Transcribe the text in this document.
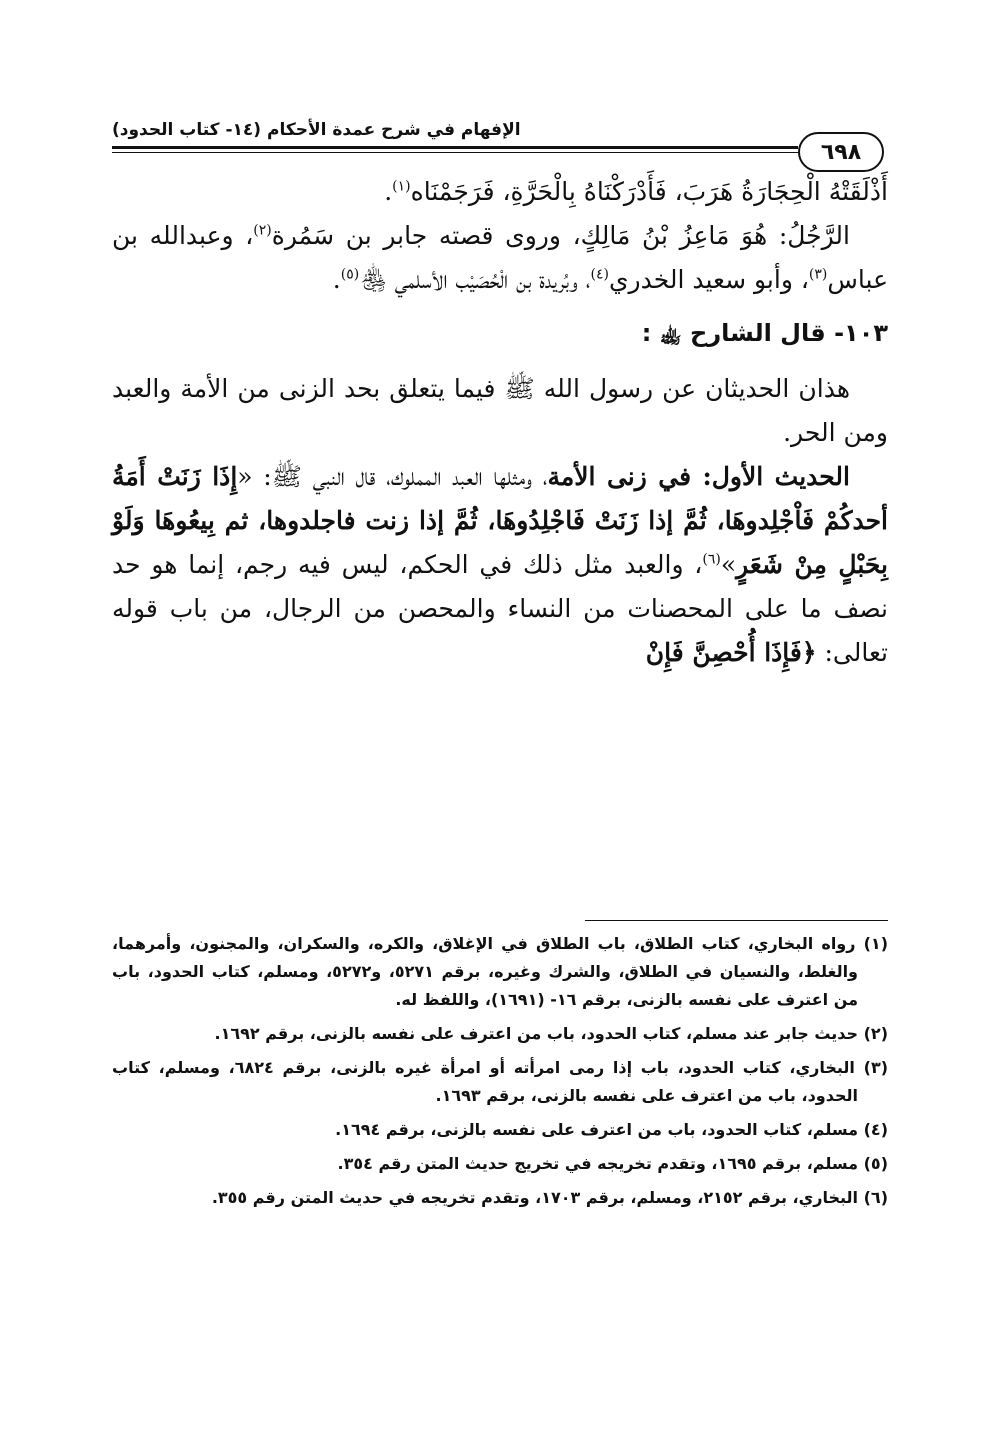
الإفهام في شرح عمدة الأحكام (١٤- كتاب الحدود)
٦٩٨

أَذْلَقَتْهُ الْحِجَارَةُ هَرَبَ، فَأَدْرَكْنَاهُ بِالْحَرَّةِ، فَرَجَمْنَاه$^{(١)}$.

الرَّجُلُ: هُوَ مَاعِزُ بْنُ مَالِكٍ، وروى قصته جابر بن سَمُرة$^{(٢)}$، وعبدالله بن عباس$^{(٣)}$، وأبو سعيد الخدري$^{(٤)}$، وبُريدة بن الْحُصَيْب الأسلمي ﵃$^{(٥)}$.

١٠٣- قال الشارح ﵀ :

هذان الحديثان عن رسول الله ﷺ فيما يتعلق بحد الزنى من الأمة والعبد ومن الحر.

الحديث الأول: في زنى الأمة، ومثلها العبد المملوك، قال النبي ﷺ: «إِذَا زَنَتْ أَمَةُ أحدكُمْ فَاْجْلِدوهَا، ثُمَّ إذا زَنَتْ فَاجْلِدُوهَا، ثُمَّ إذا زنت فاجلدوها، ثم بِيعُوهَا وَلَوْ بِحَبْلٍ مِنْ شَعَرٍ»$^{(٦)}$، والعبد مثل ذلك في الحكم، ليس فيه رجم، إنما هو حد نصف ما على المحصنات من النساء والمحصن من الرجال، من باب قوله تعالى: ﴿فَإِذَا أُحْصِنَّ فَإِنْ

(١) رواه البخاري، كتاب الطلاق، باب الطلاق في الإغلاق، والكره، والسكران، والمجنون، وأمرهما، والغلط، والنسيان في الطلاق، والشرك وغيره، برقم ٥٢٧١، و٥٢٧٢، ومسلم، كتاب الحدود، باب من اعترف على نفسه بالزنى، برقم ١٦- (١٦٩١)، واللفظ له.

(٢) حديث جابر عند مسلم، كتاب الحدود، باب من اعترف على نفسه بالزنى، برقم ١٦٩٢.

(٣) البخاري، كتاب الحدود، باب إذا رمى امرأته أو امرأة غيره بالزنى، برقم ٦٨٢٤، ومسلم، كتاب الحدود، باب من اعترف على نفسه بالزنى، برقم ١٦٩٣.

(٤) مسلم، كتاب الحدود، باب من اعترف على نفسه بالزنى، برقم ١٦٩٤.

(٥) مسلم، برقم ١٦٩٥، وتقدم تخريجه في تخريج حديث المتن رقم ٣٥٤.

(٦) البخاري، برقم ٢١٥٢، ومسلم، برقم ١٧٠٣، وتقدم تخريجه في حديث المتن رقم ٣٥٥.
